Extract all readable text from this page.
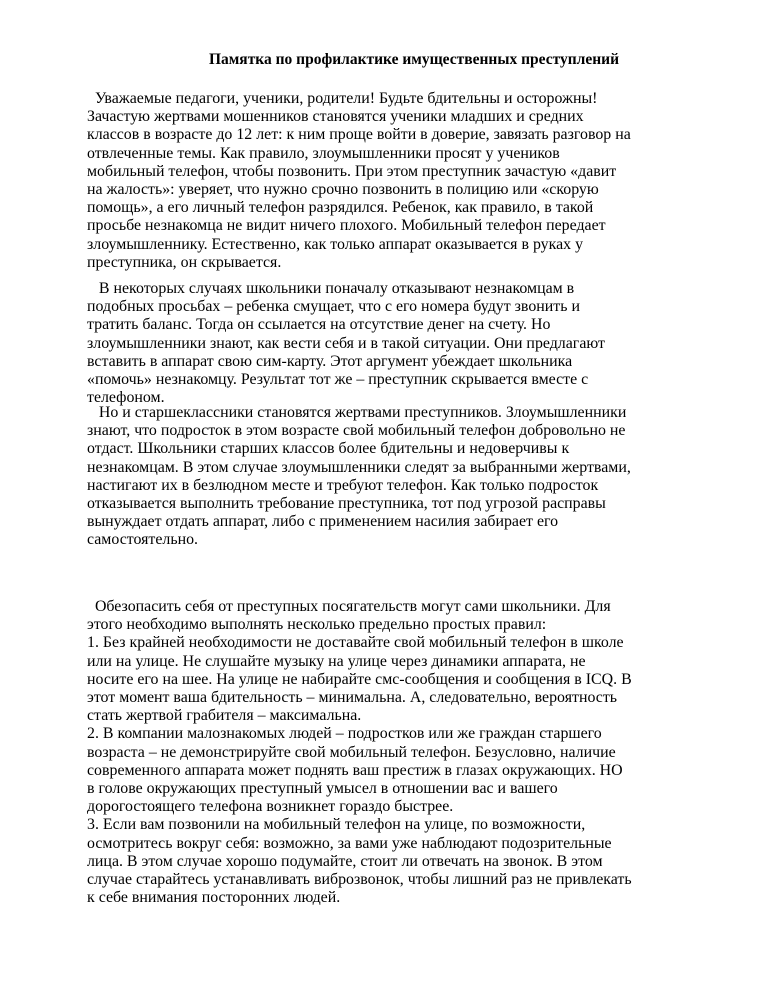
Памятка по профилактике имущественных преступлений
Уважаемые педагоги, ученики, родители! Будьте бдительны и осторожны!
Зачастую жертвами мошенников становятся ученики младших и средних
классов в возрасте до 12 лет: к ним проще войти в доверие, завязать разговор на
отвлеченные темы. Как правило, злоумышленники просят у учеников
мобильный телефон, чтобы позвонить. При этом преступник зачастую «давит
на жалость»: уверяет, что нужно срочно позвонить в полицию или «скорую
помощь», а его личный телефон разрядился. Ребенок, как правило, в такой
просьбе незнакомца не видит ничего плохого. Мобильный телефон передает
злоумышленнику. Естественно, как только аппарат оказывается в руках у
преступника, он скрывается.
В некоторых случаях школьники поначалу отказывают незнакомцам в
подобных просьбах – ребенка смущает, что с его номера будут звонить и
тратить баланс. Тогда он ссылается на отсутствие денег на счету. Но
злоумышленники знают, как вести себя и в такой ситуации. Они предлагают
вставить в аппарат свою сим-карту. Этот аргумент убеждает школьника
«помочь» незнакомцу. Результат тот же – преступник скрывается вместе с
телефоном.
Но и старшеклассники становятся жертвами преступников. Злоумышленники
знают, что подросток в этом возрасте свой мобильный телефон добровольно не
отдаст. Школьники старших классов более бдительны и недоверчивы к
незнакомцам. В этом случае злоумышленники следят за выбранными жертвами,
настигают их в безлюдном месте и требуют телефон. Как только подросток
отказывается выполнить требование преступника, тот под угрозой расправы
вынуждает отдать аппарат, либо с применением насилия забирает его
самостоятельно.
Обезопасить себя от преступных посягательств могут сами школьники. Для
этого необходимо выполнять несколько предельно простых правил:
1. Без крайней необходимости не доставайте свой мобильный телефон в школе
или на улице. Не слушайте музыку на улице через динамики аппарата, не
носите его на шее. На улице не набирайте смс-сообщения и сообщения в ICQ. В
этот момент ваша бдительность – минимальна. А, следовательно, вероятность
стать жертвой грабителя – максимальна.
2. В компании малознакомых людей – подростков или же граждан старшего
возраста – не демонстрируйте свой мобильный телефон. Безусловно, наличие
современного аппарата может поднять ваш престиж в глазах окружающих. НО
в голове окружающих преступный умысел в отношении вас и вашего
дорогостоящего телефона возникнет гораздо быстрее.
3. Если вам позвонили на мобильный телефон на улице, по возможности,
осмотритесь вокруг себя: возможно, за вами уже наблюдают подозрительные
лица. В этом случае хорошо подумайте, стоит ли отвечать на звонок. В этом
случае старайтесь устанавливать виброзвонок, чтобы лишний раз не привлекать
к себе внимания посторонних людей.
